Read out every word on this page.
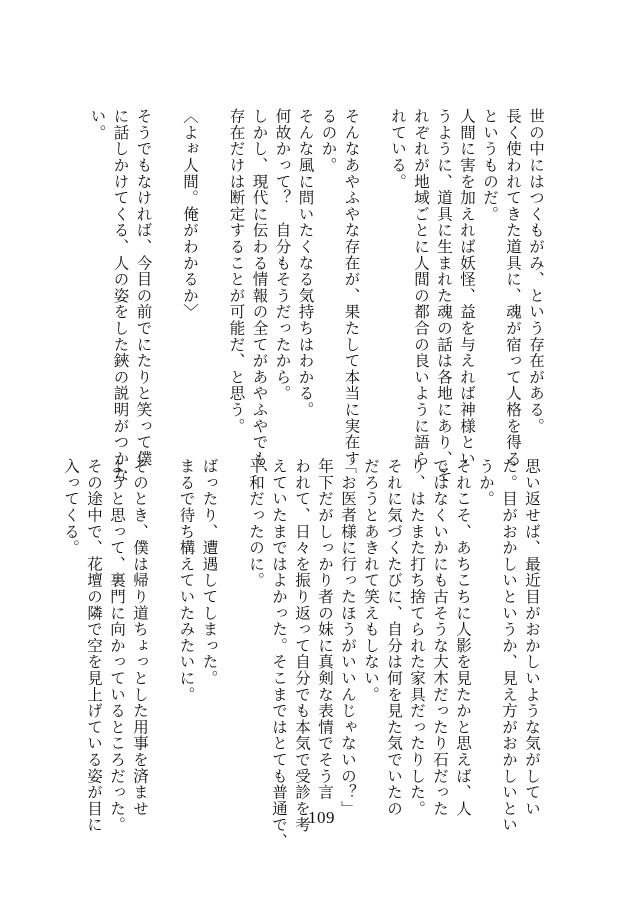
世の中にはつくもがみ、という存在がある。

長く使われてきた道具に、魂が宿って人格を得る

というものだ。

人間に害を加えれば妖怪、益を与えれば神様とい

うように、道具に生まれた魂の話は各地にあり、そ

れぞれが地域ごとに人間の都合の良いように語ら

れている。

そんなあやふやな存在が、果たして本当に実在す

るのか。

そんな風に問いたくなる気持ちはわかる。

何故かって？　自分もそうだったから。

しかし、現代に伝わる情報の全てがあやふやでも、

存在だけは断定することが可能だ、と思う。

〈よぉ人間。俺がわかるか〉

そうでもなければ、今目の前でにたりと笑って僕

に話しかけてくる、人の姿をした鋏の説明がつかな

い。

思い返せば、最近目がおかしいような気がしてい

た。目がおかしいというか、見え方がおかしいとい

うか。

それこそ、あちこちに人影を見たかと思えば、人

ではなくいかにも古そうな大木だったり石だった

り、はたまた打ち捨てられた家具だったりした。

それに気づくたびに、自分は何を見た気でいたの

だろうとあきれて笑えもしない。

「お医者様に行ったほうがいいんじゃないの？」

年下だがしっかり者の妹に真剣な表情でそう言

われて、日々を振り返って自分でも本気で受診を考

えていたまではよかった。そこまではとても普通で、

平和だったのに。

ばったり、遭遇してしまった。

まるで待ち構えていたみたいに。

そのとき、僕は帰り道ちょっとした用事を済ませ

ようと思って、裏門に向かっているところだった。

その途中で、花壇の隣で空を見上げている姿が目に

入ってくる。

109
